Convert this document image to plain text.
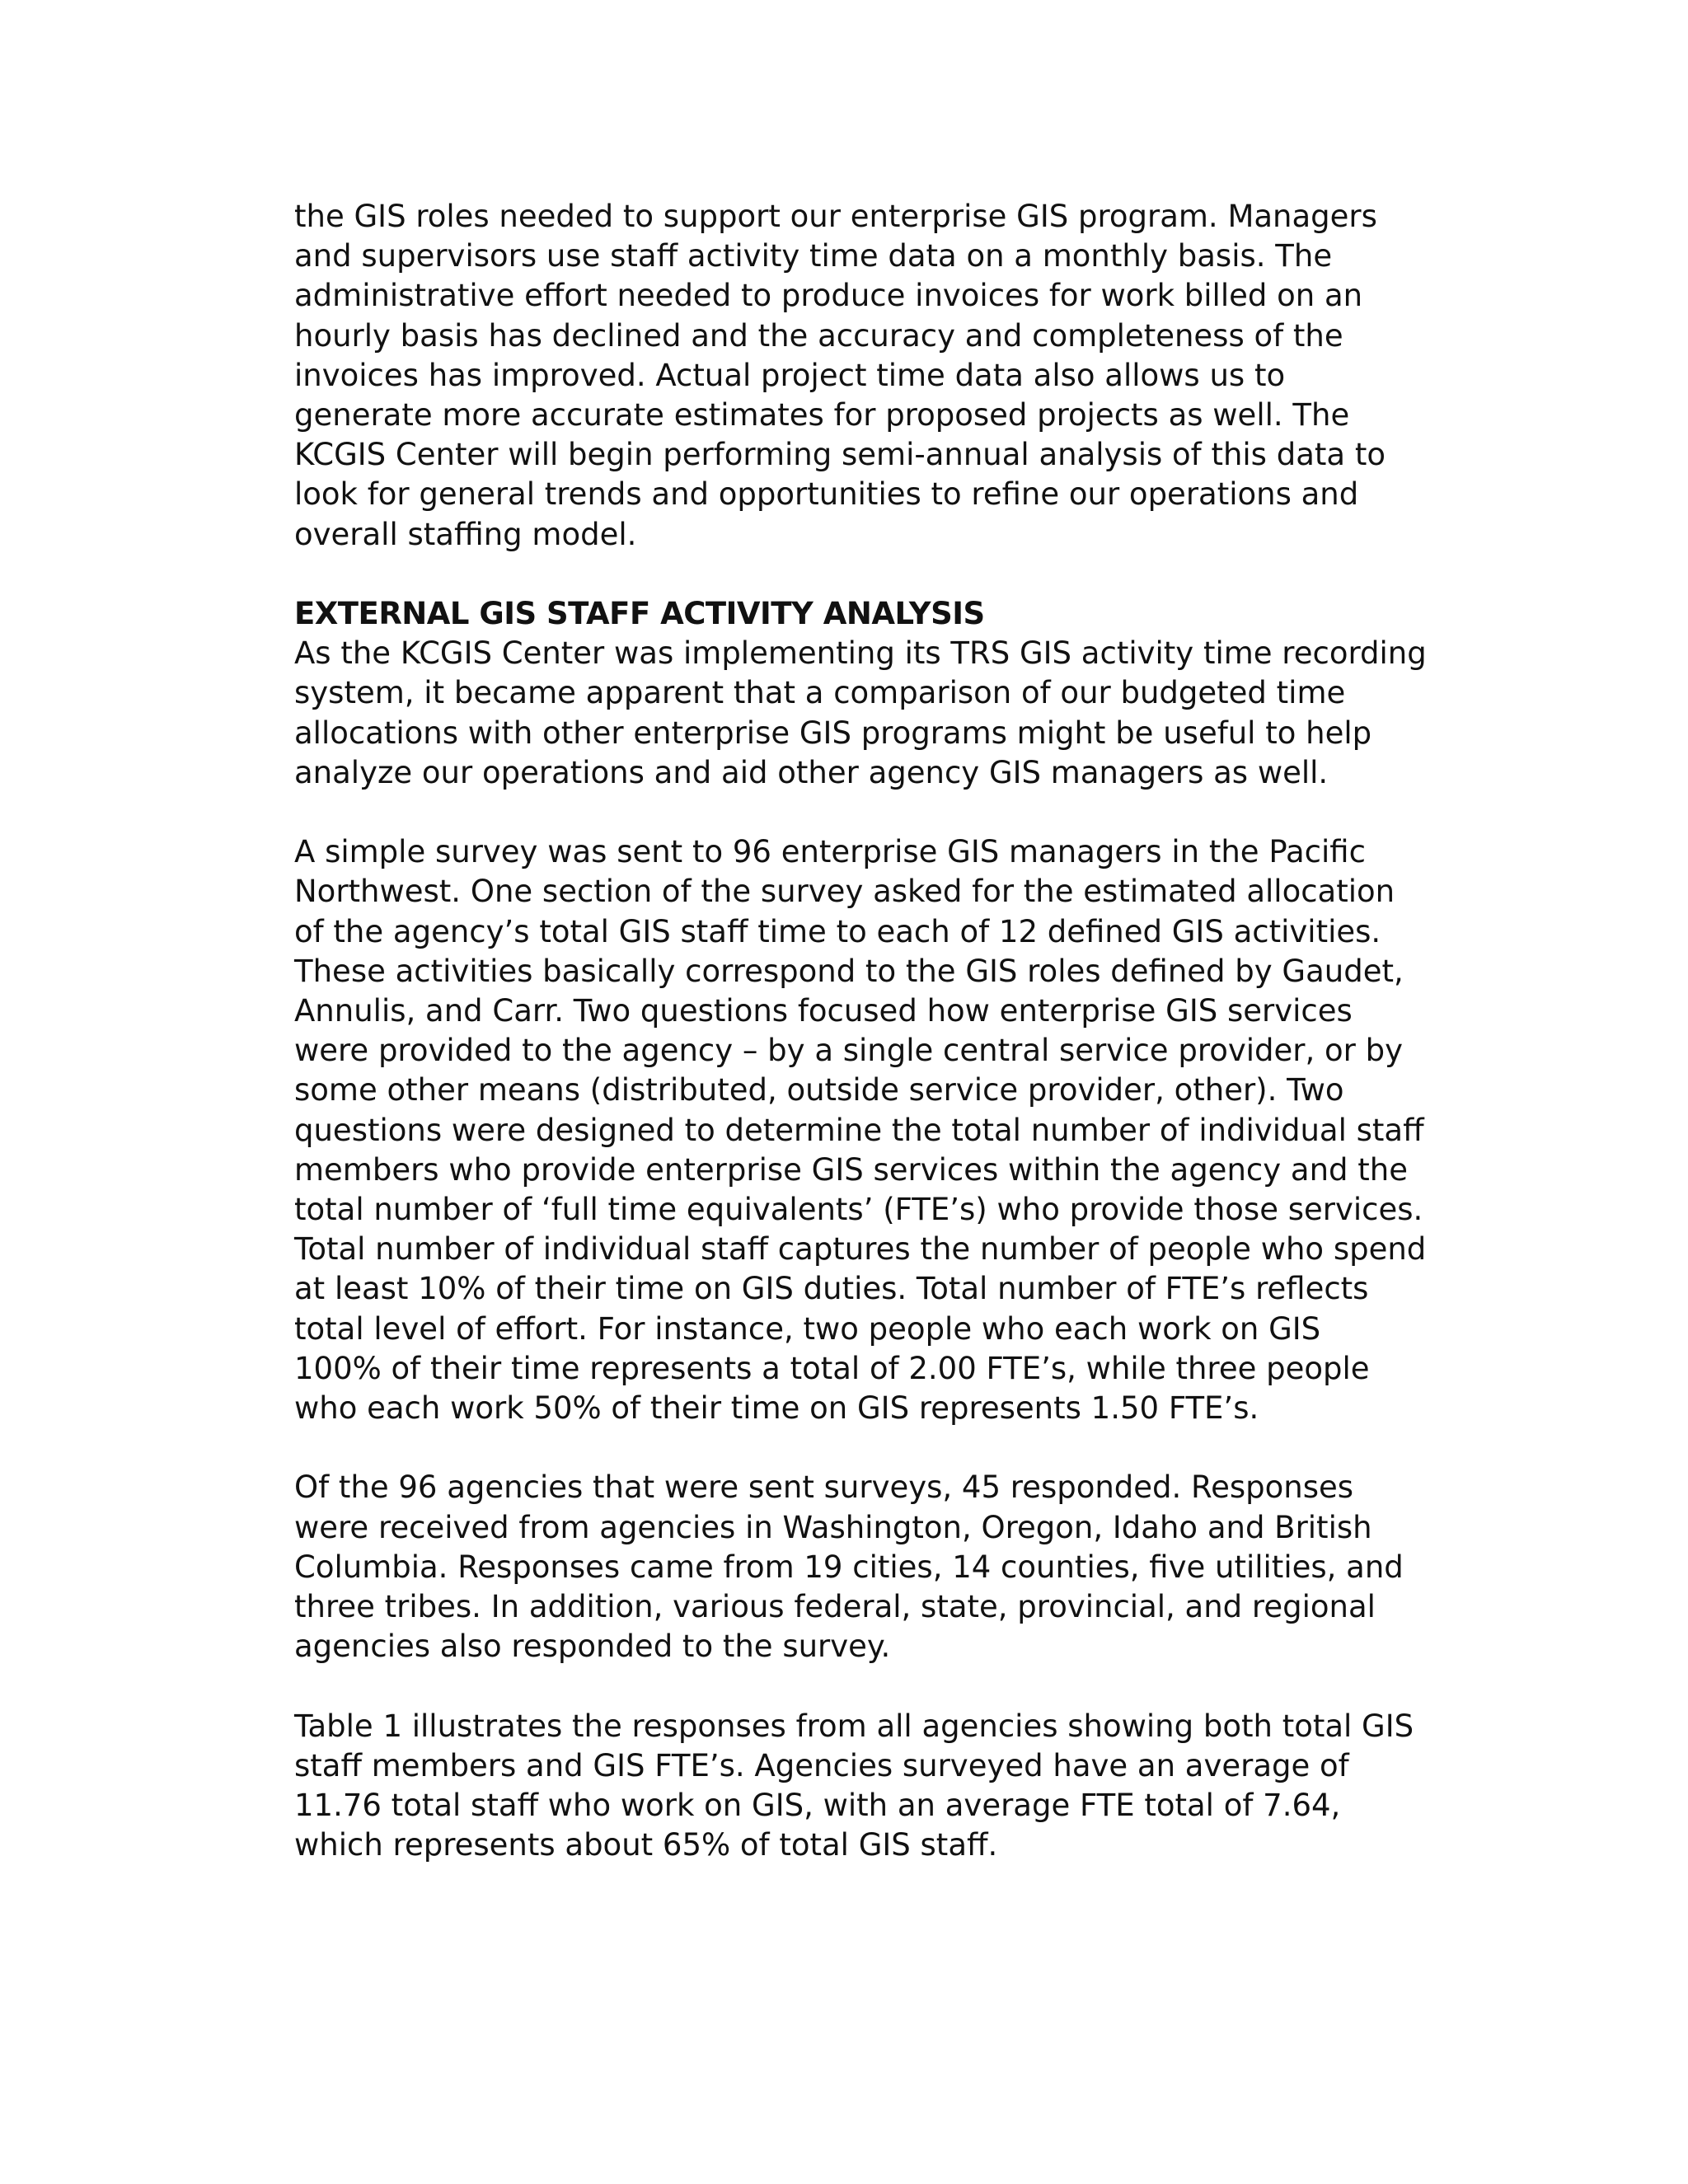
the GIS roles needed to support our enterprise GIS program. Managers
and supervisors use staff activity time data on a monthly basis. The
administrative effort needed to produce invoices for work billed on an
hourly basis has declined and the accuracy and completeness of the
invoices has improved. Actual project time data also allows us to
generate more accurate estimates for proposed projects as well. The
KCGIS Center will begin performing semi-annual analysis of this data to
look for general trends and opportunities to refine our operations and
overall staffing model.
EXTERNAL GIS STAFF ACTIVITY ANALYSIS
As the KCGIS Center was implementing its TRS GIS activity time recording
system, it became apparent that a comparison of our budgeted time
allocations with other enterprise GIS programs might be useful to help
analyze our operations and aid other agency GIS managers as well.
A simple survey was sent to 96 enterprise GIS managers in the Pacific
Northwest. One section of the survey asked for the estimated allocation
of the agency’s total GIS staff time to each of 12 defined GIS activities.
These activities basically correspond to the GIS roles defined by Gaudet,
Annulis, and Carr. Two questions focused how enterprise GIS services
were provided to the agency – by a single central service provider, or by
some other means (distributed, outside service provider, other). Two
questions were designed to determine the total number of individual staff
members who provide enterprise GIS services within the agency and the
total number of ‘full time equivalents’ (FTE’s) who provide those services.
Total number of individual staff captures the number of people who spend
at least 10% of their time on GIS duties. Total number of FTE’s reflects
total level of effort. For instance, two people who each work on GIS
100% of their time represents a total of 2.00 FTE’s, while three people
who each work 50% of their time on GIS represents 1.50 FTE’s.
Of the 96 agencies that were sent surveys, 45 responded. Responses
were received from agencies in Washington, Oregon, Idaho and British
Columbia. Responses came from 19 cities, 14 counties, five utilities, and
three tribes. In addition, various federal, state, provincial, and regional
agencies also responded to the survey.
Table 1 illustrates the responses from all agencies showing both total GIS
staff members and GIS FTE’s. Agencies surveyed have an average of
11.76 total staff who work on GIS, with an average FTE total of 7.64,
which represents about 65% of total GIS staff.
